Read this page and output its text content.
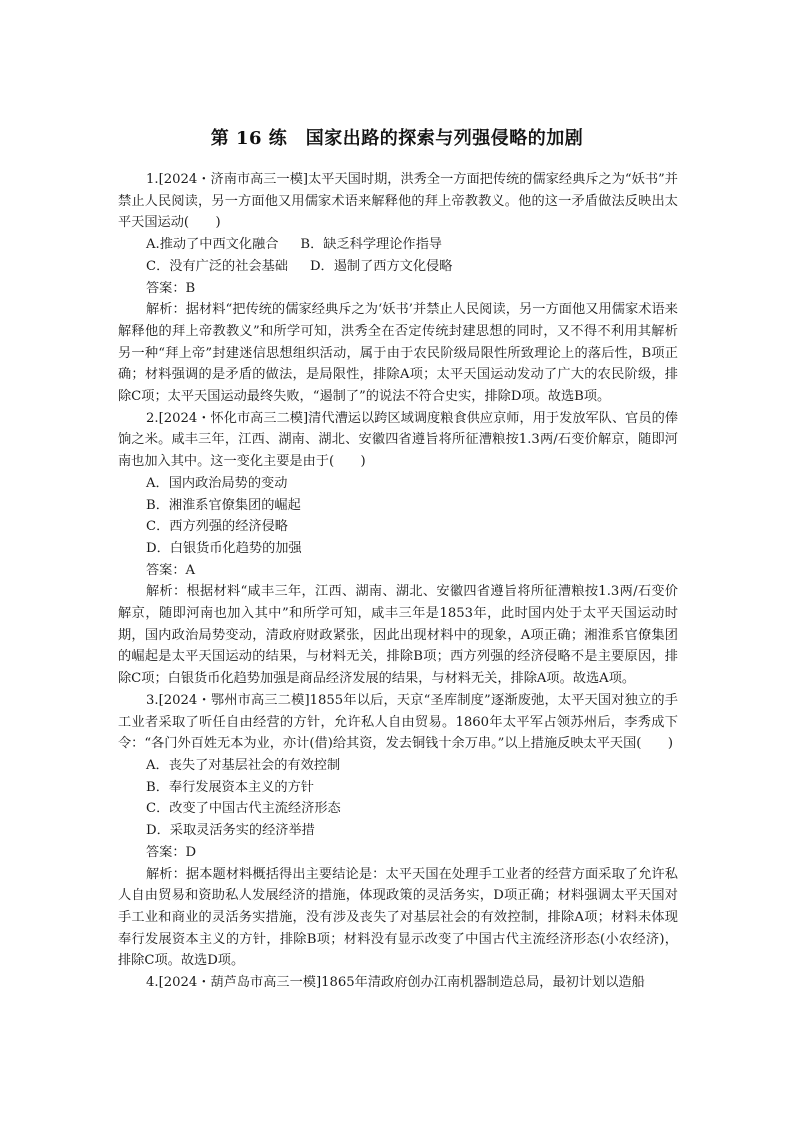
第 16 练　国家出路的探索与列强侵略的加剧

1.[2024・济南市高三一模]太平天国时期，洪秀全一方面把传统的儒家经典斥之为“妖书”并禁止人民阅读，另一方面他又用儒家术语来解释他的拜上帝教教义。他的这一矛盾做法反映出太平天国运动(　　)

A.推动了中西文化融合 B．缺乏科学理论作指导

C．没有广泛的社会基础 D．遏制了西方文化侵略

答案：B

解析：据材料“把传统的儒家经典斥之为‘妖书’并禁止人民阅读，另一方面他又用儒家术语来解释他的拜上帝教教义”和所学可知，洪秀全在否定传统封建思想的同时，又不得不利用其解析另一种“拜上帝”封建迷信思想组织活动，属于由于农民阶级局限性所致理论上的落后性，B项正确；材料强调的是矛盾的做法，是局限性，排除A项；太平天国运动发动了广大的农民阶级，排除C项；太平天国运动最终失败，“遏制了”的说法不符合史实，排除D项。故选B项。

2.[2024・怀化市高三二模]清代漕运以跨区域调度粮食供应京师，用于发放军队、官员的俸饷之米。咸丰三年，江西、湖南、湖北、安徽四省遵旨将所征漕粮按1.3两/石变价解京，随即河南也加入其中。这一变化主要是由于(　　)

A．国内政治局势的变动

B．湘淮系官僚集团的崛起

C．西方列强的经济侵略

D．白银货币化趋势的加强

答案：A

解析：根据材料“咸丰三年，江西、湖南、湖北、安徽四省遵旨将所征漕粮按1.3两/石变价解京，随即河南也加入其中”和所学可知，咸丰三年是1853年，此时国内处于太平天国运动时期，国内政治局势变动，清政府财政紧张，因此出现材料中的现象，A项正确；湘淮系官僚集团的崛起是太平天国运动的结果，与材料无关，排除B项；西方列强的经济侵略不是主要原因，排除C项；白银货币化趋势加强是商品经济发展的结果，与材料无关，排除A项。故选A项。

3.[2024・鄂州市高三二模]1855年以后，天京“圣库制度”逐渐废弛，太平天国对独立的手工业者采取了听任自由经营的方针，允许私人自由贸易。1860年太平军占领苏州后，李秀成下令：“各门外百姓无本为业，亦计(借)给其资，发去铜钱十余万串。”以上措施反映太平天国(　　)

A．丧失了对基层社会的有效控制

B．奉行发展资本主义的方针

C．改变了中国古代主流经济形态

D．采取灵活务实的经济举措

答案：D

解析：据本题材料概括得出主要结论是：太平天国在处理手工业者的经营方面采取了允许私人自由贸易和资助私人发展经济的措施，体现政策的灵活务实，D项正确；材料强调太平天国对手工业和商业的灵活务实措施，没有涉及丧失了对基层社会的有效控制，排除A项；材料未体现奉行发展资本主义的方针，排除B项；材料没有显示改变了中国古代主流经济形态(小农经济)，排除C项。故选D项。

4.[2024・葫芦岛市高三一模]1865年清政府创办江南机器制造总局，最初计划以造船
